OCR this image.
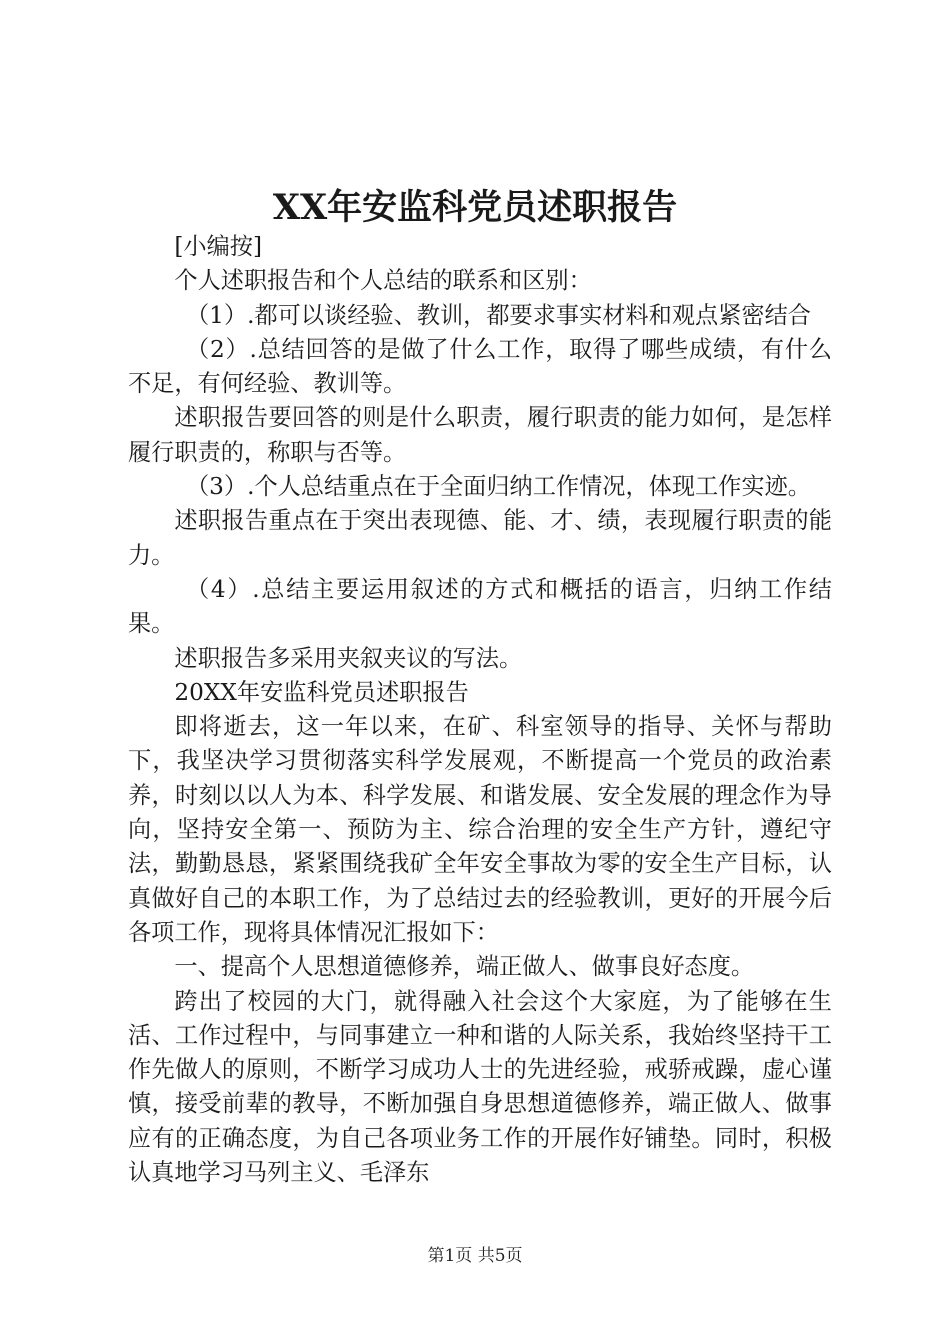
XX年安监科党员述职报告

[小编按]

个人述职报告和个人总结的联系和区别：

（1）.都可以谈经验、教训，都要求事实材料和观点紧密结合

（2）.总结回答的是做了什么工作，取得了哪些成绩，有什么不足，有何经验、教训等。

述职报告要回答的则是什么职责，履行职责的能力如何，是怎样履行职责的，称职与否等。

（3）.个人总结重点在于全面归纳工作情况，体现工作实迹。

述职报告重点在于突出表现德、能、才、绩，表现履行职责的能力。

（4）.总结主要运用叙述的方式和概括的语言，归纳工作结果。

述职报告多采用夹叙夹议的写法。

20XX年安监科党员述职报告

即将逝去，这一年以来，在矿、科室领导的指导、关怀与帮助下，我坚决学习贯彻落实科学发展观，不断提高一个党员的政治素养，时刻以以人为本、科学发展、和谐发展、安全发展的理念作为导向，坚持安全第一、预防为主、综合治理的安全生产方针，遵纪守法，勤勤恳恳，紧紧围绕我矿全年安全事故为零的安全生产目标，认真做好自己的本职工作，为了总结过去的经验教训，更好的开展今后各项工作，现将具体情况汇报如下：

一、提高个人思想道德修养，端正做人、做事良好态度。

跨出了校园的大门，就得融入社会这个大家庭，为了能够在生活、工作过程中，与同事建立一种和谐的人际关系，我始终坚持干工作先做人的原则，不断学习成功人士的先进经验，戒骄戒躁，虚心谨慎，接受前辈的教导，不断加强自身思想道德修养，端正做人、做事应有的正确态度，为自己各项业务工作的开展作好铺垫。同时，积极认真地学习马列主义、毛泽东

第1页 共5页
